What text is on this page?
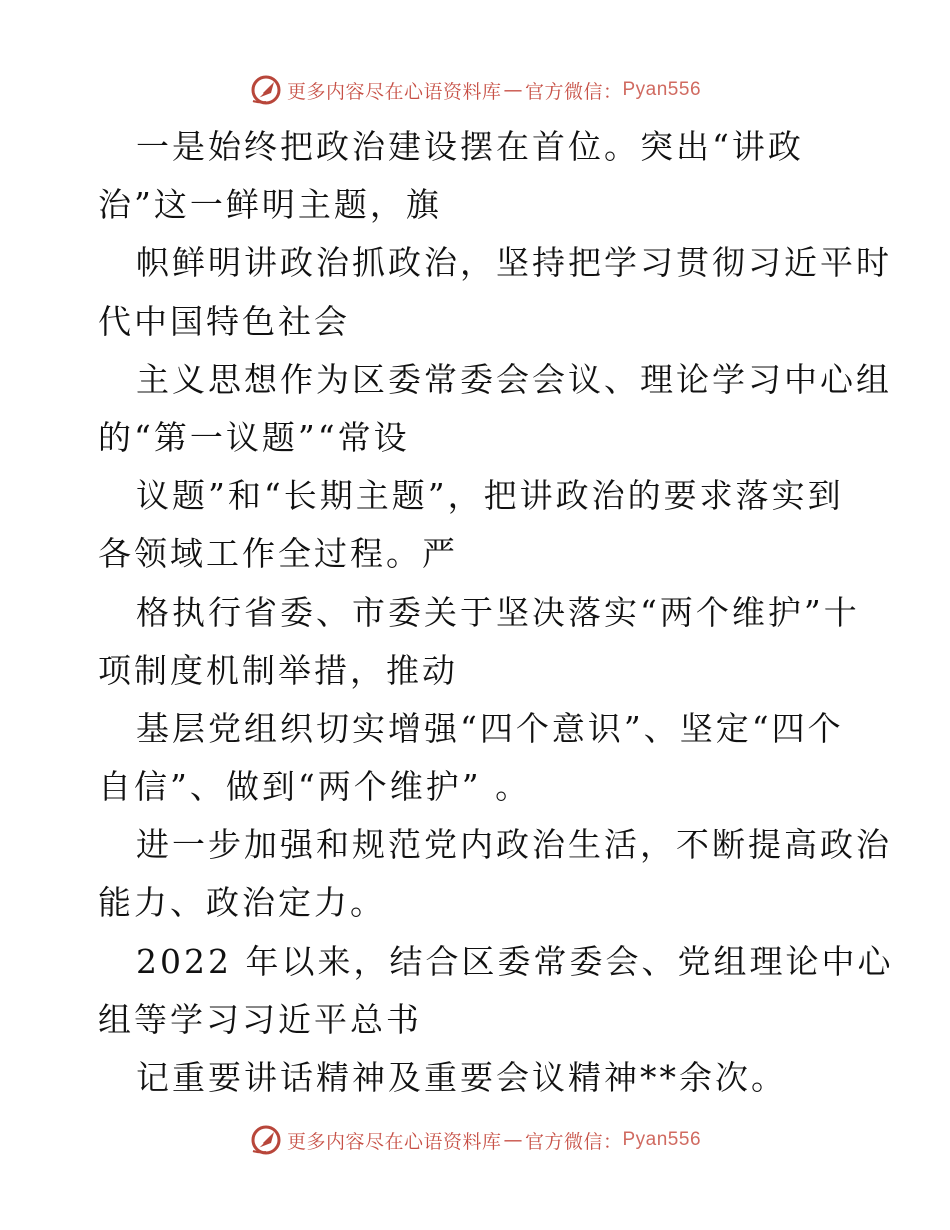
更多内容尽在心语资料库 — 官方微信： Pyan556
一是始终把政治建设摆在首位。突出“讲政
治”这一鲜明主题，旗
帜鲜明讲政治抓政治，坚持把学习贯彻习近平时
代中国特色社会
主义思想作为区委常委会会议、理论学习中心组
的“第一议题”“常设
议题”和“长期主题”，把讲政治的要求落实到
各领域工作全过程。严
格执行省委、市委关于坚决落实“两个维护”十
项制度机制举措，推动
基层党组织切实增强“四个意识”、坚定“四个
自信”、做到“两个维护” 。
进一步加强和规范党内政治生活，不断提高政治
能力、政治定力。
2022 年以来，结合区委常委会、党组理论中心
组等学习习近平总书
记重要讲话精神及重要会议精神**余次。
更多内容尽在心语资料库 — 官方微信： Pyan556
